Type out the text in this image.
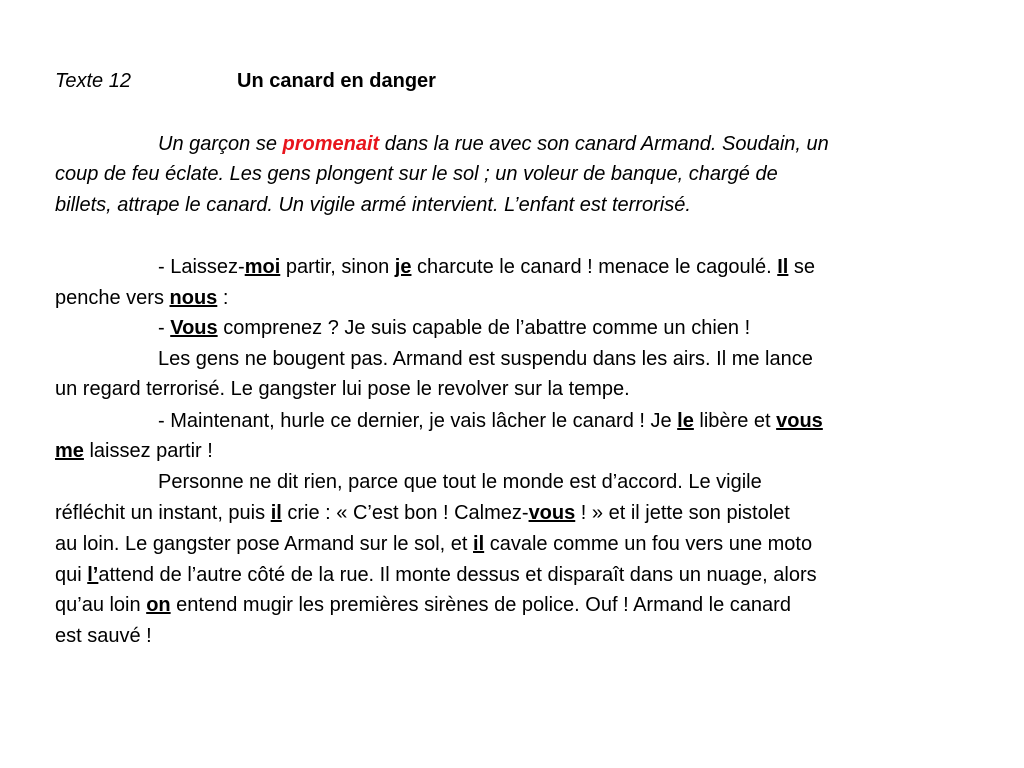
Texte 12	Un canard en danger
Un garçon se promenait dans la rue avec son canard Armand. Soudain, un
coup de feu éclate. Les gens plongent sur le sol ; un voleur de banque, chargé de
billets, attrape le canard. Un vigile armé intervient. L’enfant est terrorisé.
- Laissez-moi partir, sinon je charcute le canard ! menace le cagoulé. Il se
penche vers nous :
- Vous comprenez ? Je suis capable de l’abattre comme un chien !
Les gens ne bougent pas. Armand est suspendu dans les airs. Il me lance
un regard terrorisé. Le gangster lui pose le revolver sur la tempe.
- Maintenant, hurle ce dernier, je vais lâcher le canard ! Je le libère et vous
me laissez partir !
Personne ne dit rien, parce que tout le monde est d’accord. Le vigile
réfléchit un instant, puis il crie : « C’est bon ! Calmez-vous ! » et il jette son pistolet
au loin. Le gangster pose Armand sur le sol, et il cavale comme un fou vers une moto
qui l’attend de l’autre côté de la rue. Il monte dessus et disparaît dans un nuage, alors
qu’au loin on entend mugir les premières sirènes de police. Ouf ! Armand le canard
est sauvé !
